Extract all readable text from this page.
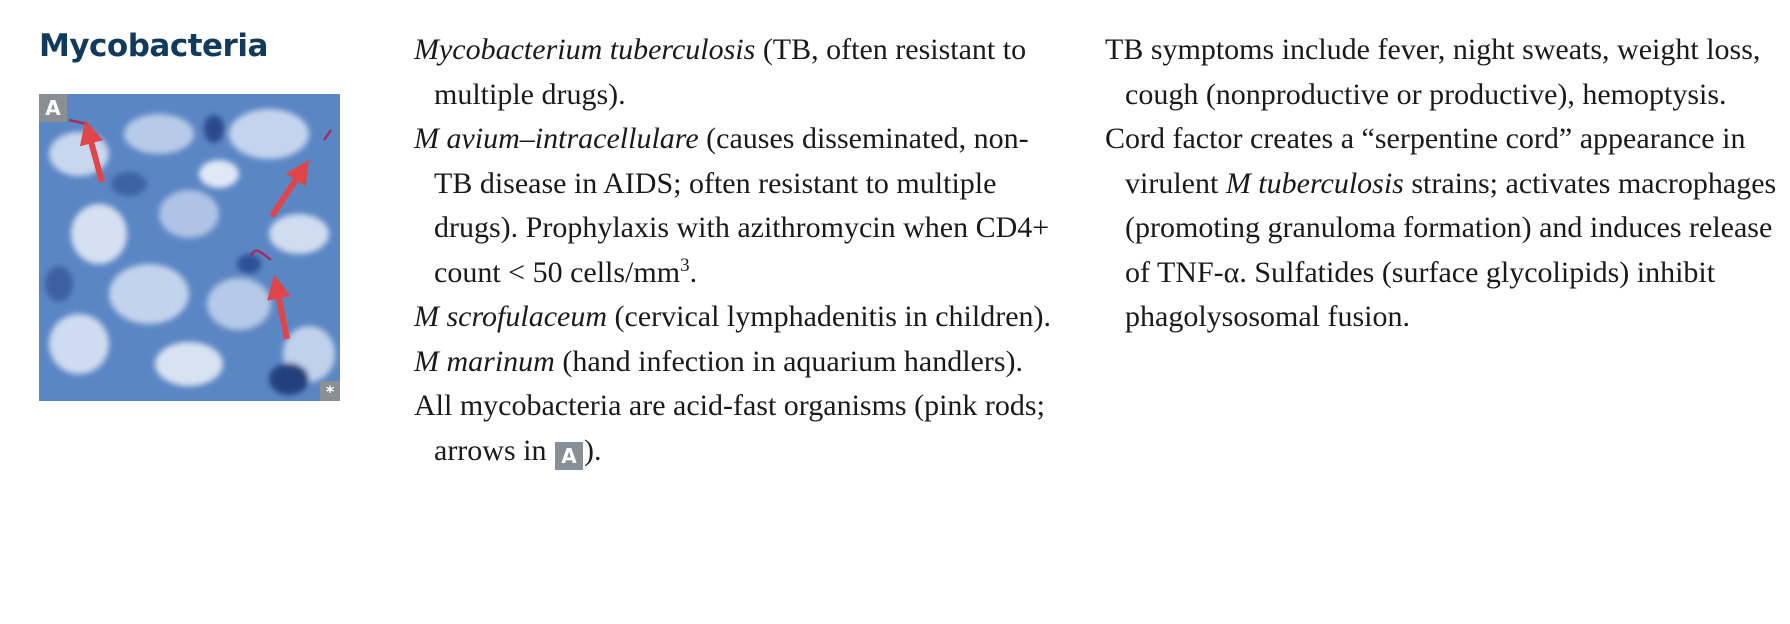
Mycobacteria
A
*
Mycobacterium tuberculosis (TB, often resistant to multiple drugs).
M avium–intracellulare (causes disseminated, non-TB disease in AIDS; often resistant to multiple drugs). Prophylaxis with azithromycin when CD4+ count < 50 cells/$mm^3$.
M scrofulaceum (cervical lymphadenitis in children).
M marinum (hand infection in aquarium handlers).
All mycobacteria are acid-fast organisms (pink rods; arrows in A ).
TB symptoms include fever, night sweats, weight loss, cough (nonproductive or productive), hemoptysis.
Cord factor creates a “serpentine cord” appearance in virulent M tuberculosis strains; activates macrophages (promoting granuloma formation) and induces release of TNF-α. Sulfatides (surface glycolipids) inhibit phagolysosomal fusion.
